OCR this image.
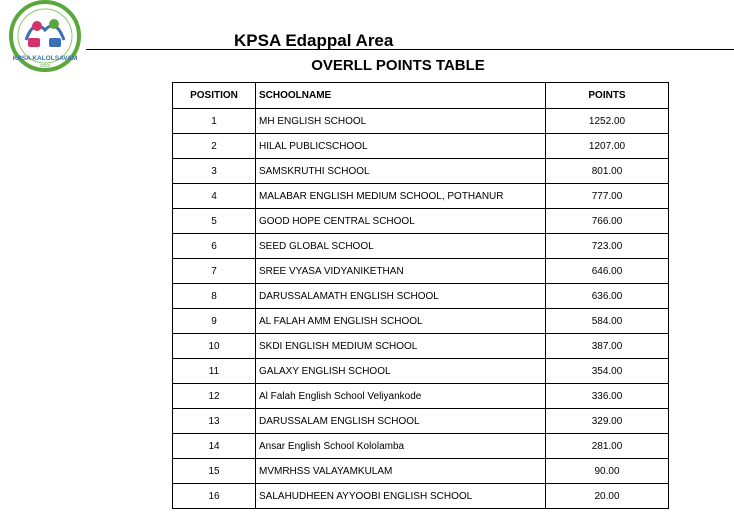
KPSA KALOLSAVAM
2023
KPSA Edappal Area
OVERLL POINTS TABLE
POSITION	SCHOOLNAME	POINTS
1	MH ENGLISH SCHOOL	1252.00
2	HILAL PUBLICSCHOOL	1207.00
3	SAMSKRUTHI SCHOOL	801.00
4	MALABAR ENGLISH MEDIUM SCHOOL, POTHANUR	777.00
5	GOOD HOPE CENTRAL SCHOOL	766.00
6	SEED GLOBAL SCHOOL	723.00
7	SREE VYASA VIDYANIKETHAN	646.00
8	DARUSSALAMATH ENGLISH SCHOOL	636.00
9	AL FALAH AMM ENGLISH SCHOOL	584.00
10	SKDI ENGLISH MEDIUM SCHOOL	387.00
11	GALAXY ENGLISH SCHOOL	354.00
12	Al Falah English School Veliyankode	336.00
13	DARUSSALAM ENGLISH SCHOOL	329.00
14	Ansar English School Kololamba	281.00
15	MVMRHSS VALAYAMKULAM	90.00
16	SALAHUDHEEN AYYOOBI ENGLISH SCHOOL	20.00
